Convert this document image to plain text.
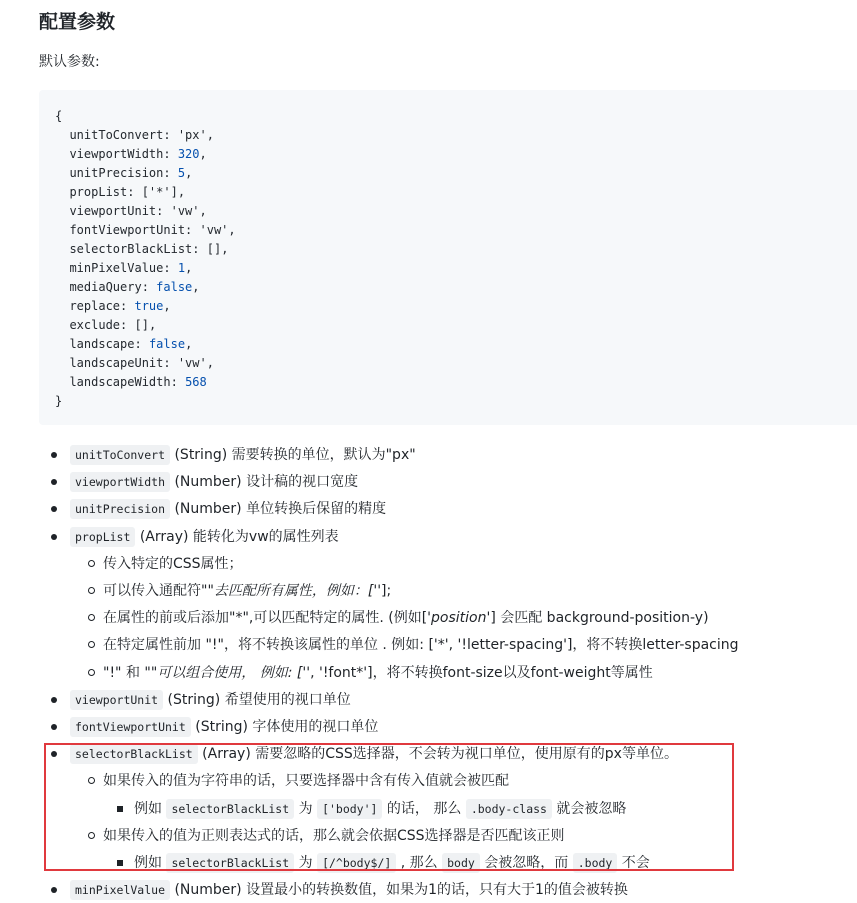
配置参数

默认参数:

{
unitToConvert: 'px',
viewportWidth: 320,
unitPrecision: 5,
propList: ['*'],
viewportUnit: 'vw',
fontViewportUnit: 'vw',
selectorBlackList: [],
minPixelValue: 1,
mediaQuery: false,
replace: true,
exclude: [],
landscape: false,
landscapeUnit: 'vw',
landscapeWidth: 568
}
unitToConvert (String) 需要转换的单位，默认为"px"
viewportWidth (Number) 设计稿的视口宽度
unitPrecision (Number) 单位转换后保留的精度
propList (Array) 能转化为vw的属性列表
传入特定的CSS属性；
可以传入通配符""去匹配所有属性，例如：[''];
在属性的前或后添加"*",可以匹配特定的属性. (例如['position'] 会匹配 background-position-y)
在特定属性前加 "!"，将不转换该属性的单位 . 例如: ['*', '!letter-spacing']，将不转换letter-spacing
"!" 和 ""可以组合使用， 例如: ['', '!font*']，将不转换font-size以及font-weight等属性
viewportUnit (String) 希望使用的视口单位
fontViewportUnit (String) 字体使用的视口单位
selectorBlackList (Array) 需要忽略的CSS选择器，不会转为视口单位，使用原有的px等单位。
如果传入的值为字符串的话，只要选择器中含有传入值就会被匹配
例如 selectorBlackList 为 ['body'] 的话， 那么 .body-class 就会被忽略
如果传入的值为正则表达式的话，那么就会依据CSS选择器是否匹配该正则
例如 selectorBlackList 为 [/^body$/] , 那么 body 会被忽略，而 .body 不会
minPixelValue (Number) 设置最小的转换数值，如果为1的话，只有大于1的值会被转换
